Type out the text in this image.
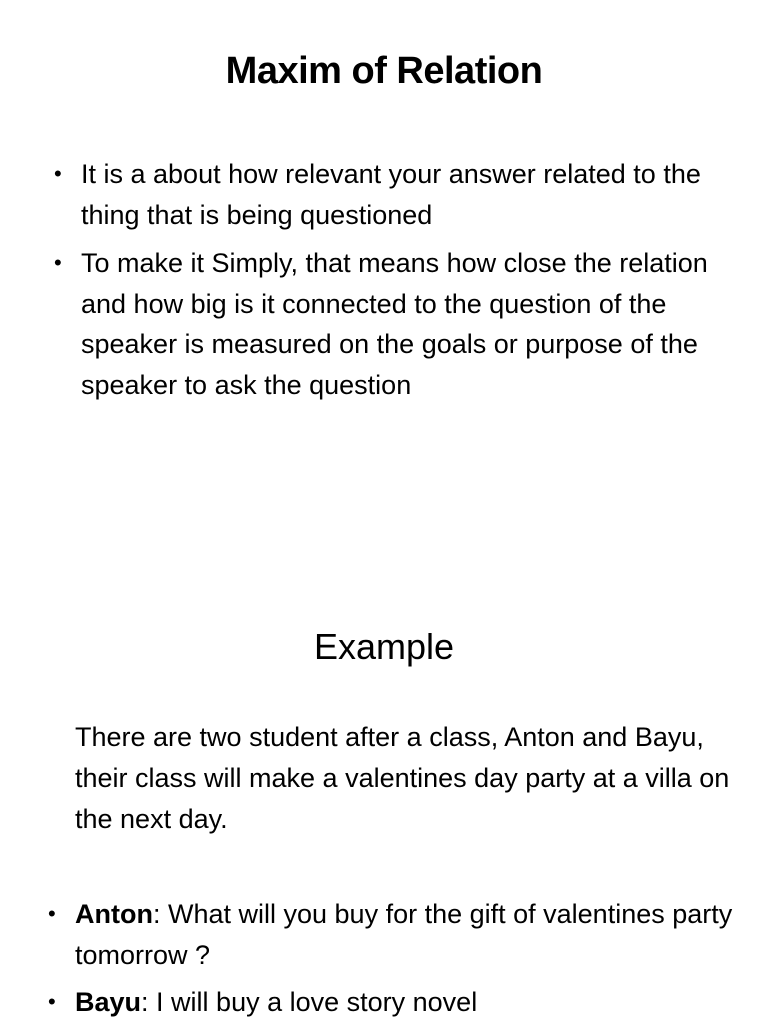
Maxim of Relation
• It is a about how relevant your answer related to the thing that is being questioned
• To make it Simply, that means how close the relation and how big is it connected to the question of the speaker is measured on the goals or purpose of the speaker to ask the question
Example

There are two student after a class, Anton and Bayu, their class will make a valentines day party at a villa on the next day.

• Anton: What will you buy for the gift of valentines party tomorrow ?
• Bayu: I will buy a love story novel
